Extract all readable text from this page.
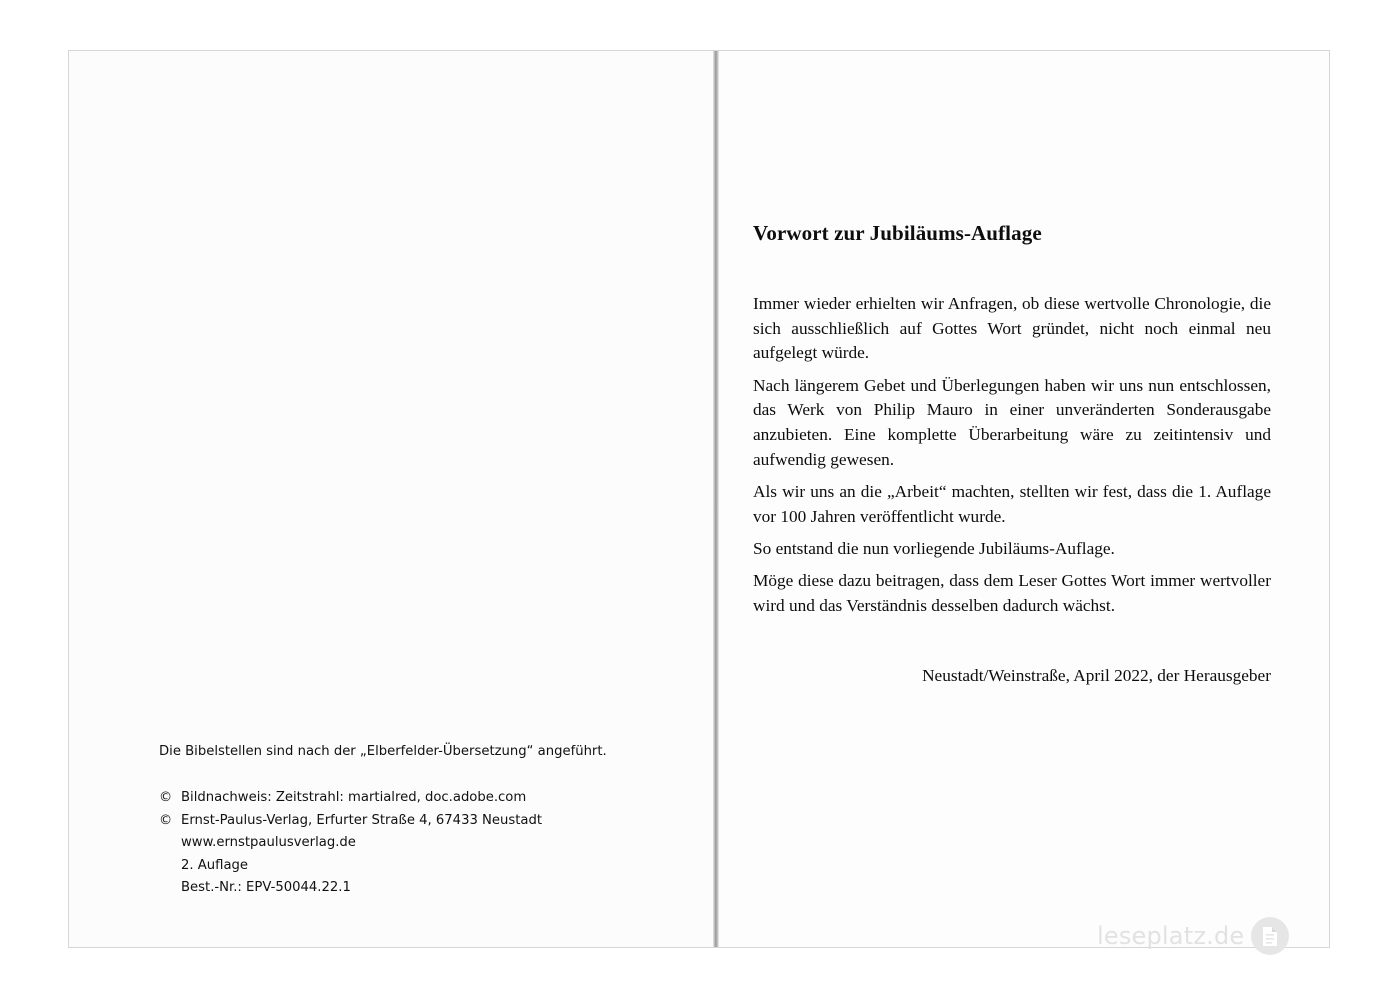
Die Bibelstellen sind nach der „Elberfelder-Übersetzung“ angeführt.
© Bildnachweis: Zeitstrahl: martialred, doc.adobe.com
© Ernst-Paulus-Verlag, Erfurter Straße 4, 67433 Neustadt
www.ernstpaulusverlag.de
2. Auflage
Best.-Nr.: EPV-50044.22.1
Vorwort zur Jubiläums-Auflage

Immer wieder erhielten wir Anfragen, ob diese wertvolle Chronologie, die sich ausschließlich auf Gottes Wort gründet, nicht noch einmal neu aufgelegt würde.

Nach längerem Gebet und Überlegungen haben wir uns nun entschlossen, das Werk von Philip Mauro in einer unveränderten Sonderausgabe anzubieten. Eine komplette Überarbeitung wäre zu zeitintensiv und aufwendig gewesen.

Als wir uns an die „Arbeit“ machten, stellten wir fest, dass die 1. Auflage vor 100 Jahren veröffentlicht wurde.

So entstand die nun vorliegende Jubiläums-Auflage.

Möge diese dazu beitragen, dass dem Leser Gottes Wort immer wertvoller wird und das Verständnis desselben dadurch wächst.

Neustadt/Weinstraße, April 2022, der Herausgeber
leseplatz.de
